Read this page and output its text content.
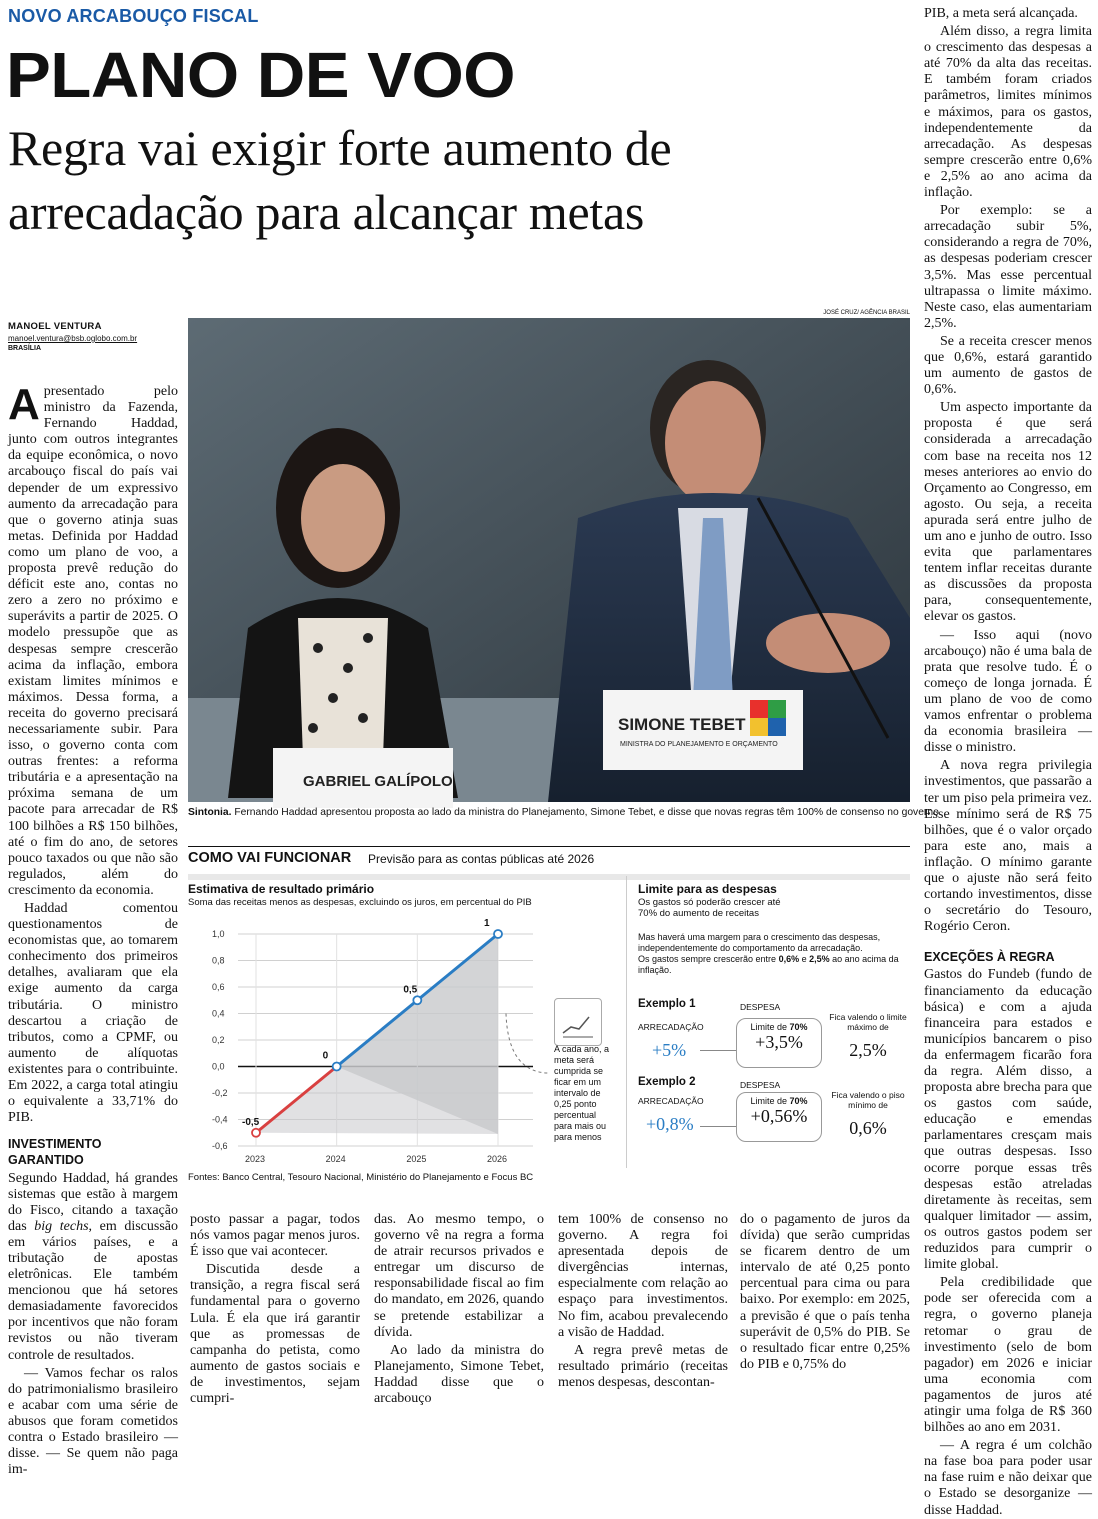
NOVO ARCABOUÇO FISCAL
PLANO DE VOO
Regra vai exigir forte aumento de arrecadação para alcançar metas
MANOEL VENTURA
manoel.ventura@bsb.oglobo.com.br
BRASÍLIA
JOSÉ CRUZ/ AGÊNCIA BRASIL
SIMONE TEBET
MINISTRA DO PLANEJAMENTO E ORÇAMENTO
GABRIEL GALÍPOLO
Sintonia. Fernando Haddad apresentou proposta ao lado da ministra do Planejamento, Simone Tebet, e disse que novas regras têm 100% de consenso no governo

Apresentado pelo ministro da Fazenda, Fernando Haddad, junto com outros integrantes da equipe econômica, o novo arcabouço fiscal do país vai depender de um expressivo aumento da arrecadação para que o governo atinja suas metas. Definida por Haddad como um plano de voo, a proposta prevê redução do déficit este ano, contas no zero a zero no próximo e superávits a partir de 2025. O modelo pressupõe que as despesas sempre crescerão acima da inflação, embora existam limites mínimos e máximos. Dessa forma, a receita do governo precisará necessariamente subir. Para isso, o governo conta com outras frentes: a reforma tributária e a apresentação na próxima semana de um pacote para arrecadar de R$ 100 bilhões a R$ 150 bilhões, até o fim do ano, de setores pouco taxados ou que não são regulados, além do crescimento da economia.

Haddad comentou questionamentos de economistas que, ao tomarem conhecimento dos primeiros detalhes, avaliaram que ela exige aumento da carga tributária. O ministro descartou a criação de tributos, como a CPMF, ou aumento de alíquotas existentes para o contribuinte. Em 2022, a carga total atingiu o equivalente a 33,71% do PIB.

INVESTIMENTO GARANTIDO

Segundo Haddad, há grandes sistemas que estão à margem do Fisco, citando a taxação das big techs, em discussão em vários países, e a tributação de apostas eletrônicas. Ele também mencionou que há setores demasiadamente favorecidos por incentivos que não foram revistos ou não tiveram controle de resultados.

— Vamos fechar os ralos do patrimonialismo brasileiro e acabar com uma série de abusos que foram cometidos contra o Estado brasileiro — disse. — Se quem não paga im-

PIB, a meta será alcançada.

Além disso, a regra limita o crescimento das despesas a até 70% da alta das receitas. E também foram criados parâmetros, limites mínimos e máximos, para os gastos, independentemente da arrecadação. As despesas sempre crescerão entre 0,6% e 2,5% ao ano acima da inflação.

Por exemplo: se a arrecadação subir 5%, considerando a regra de 70%, as despesas poderiam crescer 3,5%. Mas esse percentual ultrapassa o limite máximo. Neste caso, elas aumentariam 2,5%.

Se a receita crescer menos que 0,6%, estará garantido um aumento de gastos de 0,6%.

Um aspecto importante da proposta é que será considerada a arrecadação com base na receita nos 12 meses anteriores ao envio do Orçamento ao Congresso, em agosto. Ou seja, a receita apurada será entre julho de um ano e junho de outro. Isso evita que parlamentares tentem inflar receitas durante as discussões da proposta para, consequentemente, elevar os gastos.

— Isso aqui (novo arcabouço) não é uma bala de prata que resolve tudo. É o começo de longa jornada. É um plano de voo de como vamos enfrentar o problema da economia brasileira — disse o ministro.

A nova regra privilegia investimentos, que passarão a ter um piso pela primeira vez. Esse mínimo será de R$ 75 bilhões, que é o valor orçado para este ano, mais a inflação. O mínimo garante que o ajuste não será feito cortando investimentos, disse o secretário do Tesouro, Rogério Ceron.

EXCEÇÕES À REGRA

Gastos do Fundeb (fundo de financiamento da educação básica) e com a ajuda financeira para estados e municípios bancarem o piso da enfermagem ficarão fora da regra. Além disso, a proposta abre brecha para que os gastos com saúde, educação e emendas parlamentares cresçam mais que outras despesas. Isso ocorre porque essas três despesas estão atreladas diretamente às receitas, sem qualquer limitador — assim, os outros gastos podem ser reduzidos para cumprir o limite global.

Pela credibilidade que pode ser oferecida com a regra, o governo planeja retomar o grau de investimento (selo de bom pagador) em 2026 e iniciar uma economia com pagamentos de juros até atingir uma folga de R$ 360 bilhões ao ano em 2031.

— A regra é um colchão na fase boa para poder usar na fase ruim e não deixar que o Estado se desorganize — disse Haddad.

posto passar a pagar, todos nós vamos pagar menos juros. É isso que vai acontecer.

Discutida desde a transição, a regra fiscal será fundamental para o governo Lula. É ela que irá garantir que as promessas de campanha do petista, como aumento de gastos sociais e de investimentos, sejam cumpri-

das. Ao mesmo tempo, o governo vê na regra a forma de atrair recursos privados e entregar um discurso de responsabilidade fiscal ao fim do mandato, em 2026, quando se pretende estabilizar a dívida.

Ao lado da ministra do Planejamento, Simone Tebet, Haddad disse que o arcabouço

tem 100% de consenso no governo. A regra foi apresentada depois de divergências internas, especialmente com relação ao espaço para investimentos. No fim, acabou prevalecendo a visão de Haddad.

A regra prevê metas de resultado primário (receitas menos despesas, descontan-

do o pagamento de juros da dívida) que serão cumpridas se ficarem dentro de um intervalo de até 0,25 ponto percentual para cima ou para baixo. Por exemplo: em 2025, a previsão é que o país tenha superávit de 0,5% do PIB. Se o resultado ficar entre 0,25% do PIB e 0,75% do

COMO VAI FUNCIONAR Previsão para as contas públicas até 2026
Estimativa de resultado primário
Soma das receitas menos as despesas, excluindo os juros, em percentual do PIB
1,0
0,8
0,6
0,4
0,2
0,0
-0,2
-0,4
-0,6
2023	2024	2025	2026
-0,5
0
0,5
1
A cada ano, a meta será cumprida se ficar em um intervalo de 0,25 ponto percentual para mais ou para menos
Fontes: Banco Central, Tesouro Nacional, Ministério do Planejamento e Focus BC
Limite para as despesas
Os gastos só poderão crescer até 70% do aumento de receitas
Mas haverá uma margem para o crescimento das despesas, independentemente do comportamento da arrecadação.
Os gastos sempre crescerão entre 0,6% e 2,5% ao ano acima da inflação.
Exemplo 1	DESPESA
ARRECADAÇÃO
+5%
Limite de 70%
+3,5%
Fica valendo o limite máximo de
2,5%
Exemplo 2	DESPESA
ARRECADAÇÃO
+0,8%
Limite de 70%
+0,56%
Fica valendo o piso mínimo de
0,6%
